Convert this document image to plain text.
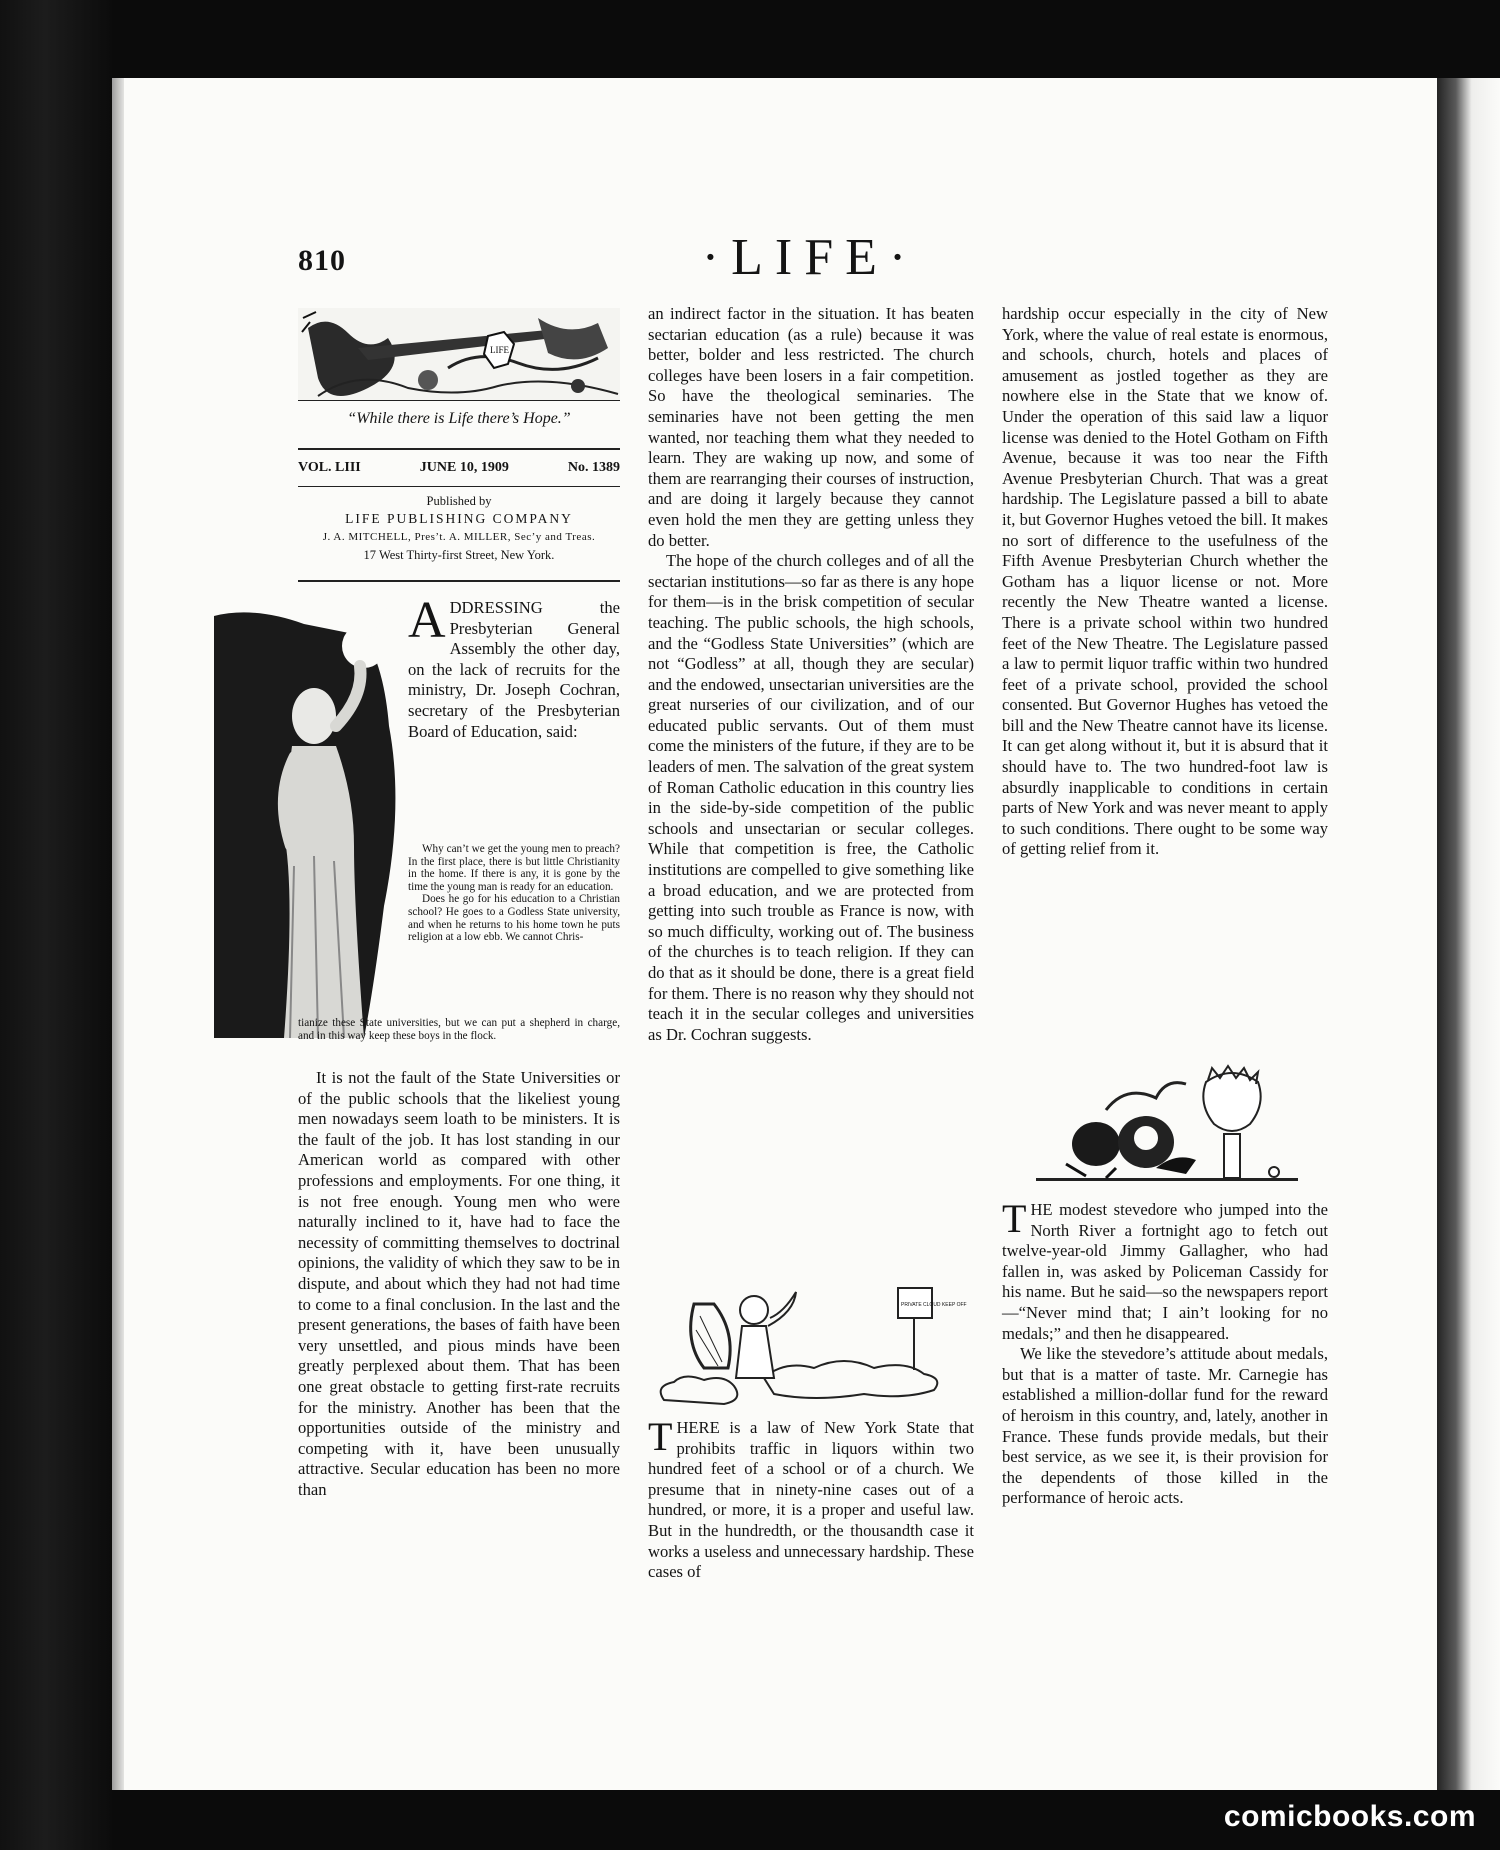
810	·LIFE·
LIFE
“While there is Life there’s Hope.”
VOL. LIII	JUNE 10, 1909	No. 1389
Published by
LIFE PUBLISHING COMPANY
J. A. MITCHELL, Pres’t. A. MILLER, Sec’y and Treas.
17 West Thirty-first Street, New York.
ADDRESSING the Presbyterian General Assembly the other day, on the lack of recruits for the ministry, Dr. Joseph Cochran, secretary of the Presbyterian Board of Education, said:

Why can’t we get the young men to preach? In the first place, there is but little Christianity in the home. If there is any, it is gone by the time the young man is ready for an education.

Does he go for his education to a Christian school? He goes to a Godless State university, and when he returns to his home town he puts religion at a low ebb. We cannot Chris-

tianize these State universities, but we can put a shepherd in charge, and in this way keep these boys in the flock.

It is not the fault of the State Universities or of the public schools that the likeliest young men nowadays seem loath to be ministers. It is the fault of the job. It has lost standing in our American world as compared with other professions and employments. For one thing, it is not free enough. Young men who were naturally inclined to it, have had to face the necessity of committing themselves to doctrinal opinions, the validity of which they saw to be in dispute, and about which they had not had time to come to a final conclusion. In the last and the present generations, the bases of faith have been very unsettled, and pious minds have been greatly perplexed about them. That has been one great obstacle to getting first-rate recruits for the ministry. Another has been that the opportunities outside of the ministry and competing with it, have been unusually attractive. Secular education has been no more than

an indirect factor in the situation. It has beaten sectarian education (as a rule) because it was better, bolder and less restricted. The church colleges have been losers in a fair competition. So have the theological seminaries. The seminaries have not been getting the men wanted, nor teaching them what they needed to learn. They are waking up now, and some of them are rearranging their courses of instruction, and are doing it largely because they cannot even hold the men they are getting unless they do better.

The hope of the church colleges and of all the sectarian institutions—so far as there is any hope for them—is in the brisk competition of secular teaching. The public schools, the high schools, and the “Godless State Universities” (which are not “Godless” at all, though they are secular) and the endowed, unsectarian universities are the great nurseries of our civilization, and of our educated public servants. Out of them must come the ministers of the future, if they are to be leaders of men. The salvation of the great system of Roman Catholic education in this country lies in the side-by-side competition of the public schools and unsectarian or secular colleges. While that competition is free, the Catholic institutions are compelled to give something like a broad education, and we are protected from getting into such trouble as France is now, with so much difficulty, working out of. The business of the churches is to teach religion. If they can do that as it should be done, there is a great field for them. There is no reason why they should not teach it in the secular colleges and universities as Dr. Cochran suggests.

PRIVATE CLOUD KEEP OFF

THERE is a law of New York State that prohibits traffic in liquors within two hundred feet of a school or of a church. We presume that in ninety-nine cases out of a hundred, or more, it is a proper and useful law. But in the hundredth, or the thousandth case it works a useless and unnecessary hardship. These cases of

hardship occur especially in the city of New York, where the value of real estate is enormous, and schools, church, hotels and places of amusement as jostled together as they are nowhere else in the State that we know of. Under the operation of this said law a liquor license was denied to the Hotel Gotham on Fifth Avenue, because it was too near the Fifth Avenue Presbyterian Church. That was a great hardship. The Legislature passed a bill to abate it, but Governor Hughes vetoed the bill. It makes no sort of difference to the usefulness of the Fifth Avenue Presbyterian Church whether the Gotham has a liquor license or not. More recently the New Theatre wanted a license. There is a private school within two hundred feet of the New Theatre. The Legislature passed a law to permit liquor traffic within two hundred feet of a private school, provided the school consented. But Governor Hughes has vetoed the bill and the New Theatre cannot have its license. It can get along without it, but it is absurd that it should have to. The two hundred-foot law is absurdly inapplicable to conditions in certain parts of New York and was never meant to apply to such conditions. There ought to be some way of getting relief from it.

THE modest stevedore who jumped into the North River a fortnight ago to fetch out twelve-year-old Jimmy Gallagher, who had fallen in, was asked by Policeman Cassidy for his name. But he said—so the newspapers report—“Never mind that; I ain’t looking for no medals;” and then he disappeared.

We like the stevedore’s attitude about medals, but that is a matter of taste. Mr. Carnegie has established a million-dollar fund for the reward of heroism in this country, and, lately, another in France. These funds provide medals, but their best service, as we see it, is their provision for the dependents of those killed in the performance of heroic acts.

comicbooks.com
